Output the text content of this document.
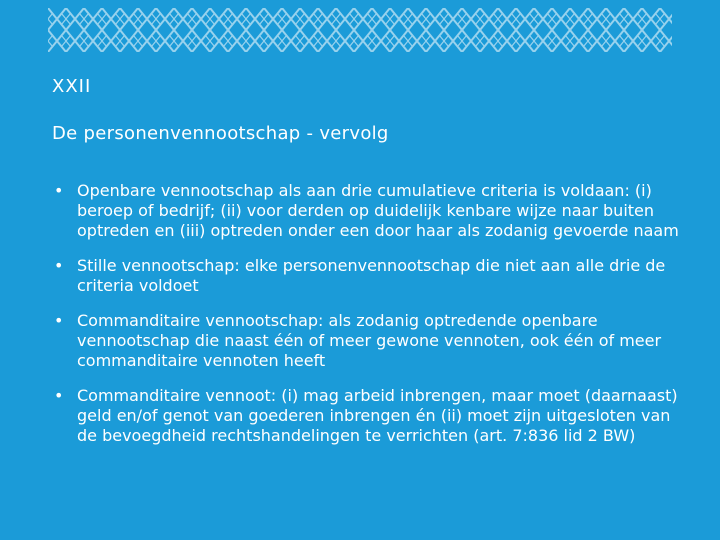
XXII
De personenvennootschap - vervolg
• Openbare vennootschap als aan drie cumulatieve criteria is voldaan: (i) beroep of bedrijf; (ii) voor derden op duidelijk kenbare wijze naar buiten optreden en (iii) optreden onder een door haar als zodanig gevoerde naam
• Stille vennootschap: elke personenvennootschap die niet aan alle drie de criteria voldoet
• Commanditaire vennootschap: als zodanig optredende openbare vennootschap die naast één of meer gewone vennoten, ook één of meer commanditaire vennoten heeft
• Commanditaire vennoot: (i) mag arbeid inbrengen, maar moet (daarnaast) geld en/of genot van goederen inbrengen én (ii) moet zijn uitgesloten van de bevoegdheid rechtshandelingen te verrichten (art. 7:836 lid 2 BW)
